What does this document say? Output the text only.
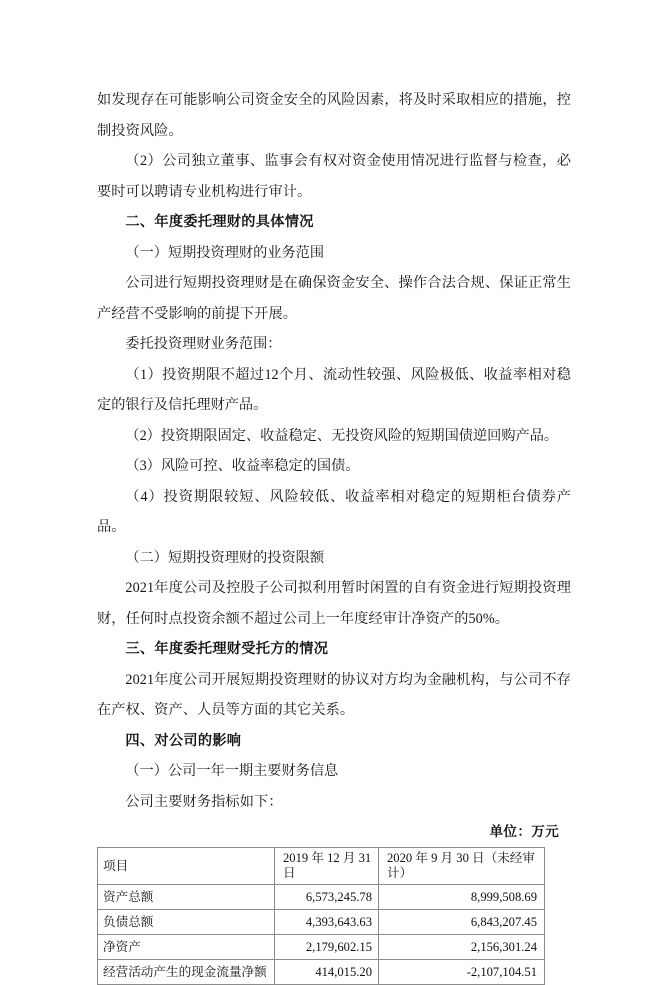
如发现存在可能影响公司资金安全的风险因素，将及时采取相应的措施，控制投资风险。

（2）公司独立董事、监事会有权对资金使用情况进行监督与检查，必要时可以聘请专业机构进行审计。

二、年度委托理财的具体情况

（一）短期投资理财的业务范围

公司进行短期投资理财是在确保资金安全、操作合法合规、保证正常生产经营不受影响的前提下开展。

委托投资理财业务范围：

（1）投资期限不超过12个月、流动性较强、风险极低、收益率相对稳定的银行及信托理财产品。

（2）投资期限固定、收益稳定、无投资风险的短期国债逆回购产品。

（3）风险可控、收益率稳定的国债。

（4）投资期限较短、风险较低、收益率相对稳定的短期柜台债券产品。

（二）短期投资理财的投资限额

2021年度公司及控股子公司拟利用暂时闲置的自有资金进行短期投资理财，任何时点投资余额不超过公司上一年度经审计净资产的50%。

三、年度委托理财受托方的情况

2021年度公司开展短期投资理财的协议对方均为金融机构，与公司不存在产权、资产、人员等方面的其它关系。

四、对公司的影响

（一）公司一年一期主要财务信息

公司主要财务指标如下：

单位：万元
项目	2019 年 12 月 31 日	2020 年 9 月 30 日（未经审计）
资产总额	6,573,245.78	8,999,508.69
负债总额	4,393,643.63	6,843,207.45
净资产	2,179,602.15	2,156,301.24
经营活动产生的现金流量净额	414,015.20	-2,107,104.51
